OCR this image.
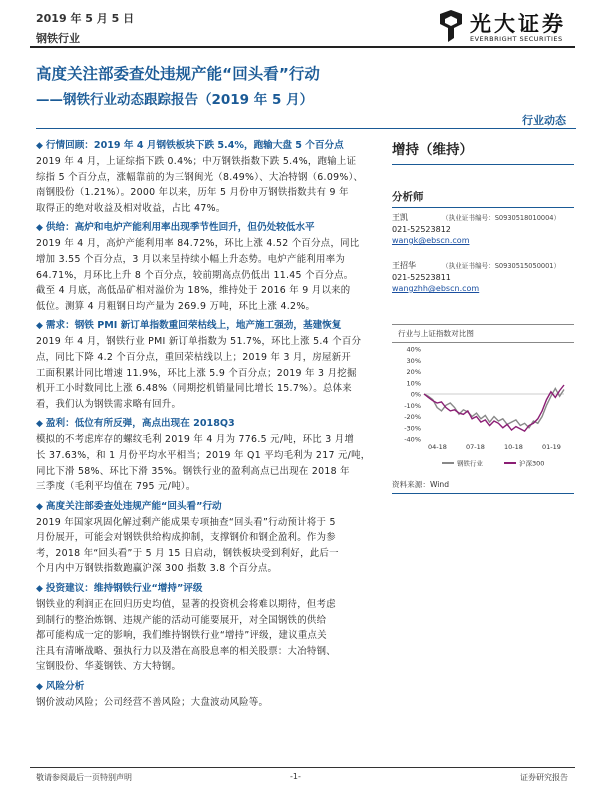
2019 年 5 月 5 日
钢铁行业
光大证券
EVERBRIGHT SECURITIES
高度关注部委查处违规产能“回头看”行动
——钢铁行业动态跟踪报告（2019 年 5 月）
行业动态
◆ 行情回顾：2019 年 4 月钢铁板块下跌 5.4%，跑输大盘 5 个百分点
2019 年 4 月，上证综指下跌 0.4%；中万钢铁指数下跌 5.4%，跑输上证
综指 5 个百分点，涨幅靠前的为三钢闽光（8.49%）、大冶特钢（6.09%）、
南钢股份（1.21%）。2000 年以来，历年 5 月份申万钢铁指数共有 9 年
取得正的绝对收益及相对收益，占比 47%。
◆ 供给：高炉和电炉产能利用率出现季节性回升，但仍处较低水平
2019 年 4 月，高炉产能利用率 84.72%，环比上涨 4.52 个百分点，同比
增加 3.55 个百分点，3 月以来呈持续小幅上升态势。电炉产能利用率为
64.71%，月环比上升 8 个百分点，较前期高点仍低出 11.45 个百分点。
截至 4 月底，高低品矿相对溢价为 18%，维持处于 2016 年 9 月以来的
低位。测算 4 月粗钢日均产量为 269.9 万吨，环比上涨 4.2%。
◆ 需求：钢铁 PMI 新订单指数重回荣枯线上，地产施工强劲，基建恢复
2019 年 4 月，钢铁行业 PMI 新订单指数为 51.7%，环比上涨 5.4 个百分
点，同比下降 4.2 个百分点，重回荣枯线以上；2019 年 3 月，房屋新开
工面积累计同比增速 11.9%，环比上涨 5.9 个百分点；2019 年 3 月挖掘
机开工小时数同比上涨 6.48%（同期挖机销量同比增长 15.7%）。总体来
看，我们认为钢铁需求略有回升。
◆ 盈利：低位有所反弹，高点出现在 2018Q3
模拟的不考虑库存的螺纹毛利 2019 年 4 月为 776.5 元/吨，环比 3 月增
长 37.63%，和 1 月份平均水平相当；2019 年 Q1 平均毛利为 217 元/吨，
同比下滑 58%、环比下滑 35%。钢铁行业的盈利高点已出现在 2018 年
三季度（毛利平均值在 795 元/吨）。
◆ 高度关注部委查处违规产能“回头看”行动
2019 年国家巩固化解过剩产能成果专项抽查“回头看”行动预计将于 5
月份展开，可能会对钢铁供给构成抑制，支撑钢价和钢企盈利。作为参
考，2018 年“回头看”于 5 月 15 日启动，钢铁板块受到利好，此后一
个月内中万钢铁指数跑赢沪深 300 指数 3.8 个百分点。
◆ 投资建议：维持钢铁行业“增持”评级
钢铁业的利润正在回归历史均值，显著的投资机会将难以期待，但考虑
到制行的整治炼钢、违规产能的活动可能要展开，对全国钢铁的供给
都可能构成一定的影响，我们维持钢铁行业“增持”评级，建议重点关
注具有清晰战略、强执行力以及潜在高股息率的相关股票：大冶特钢、
宝钢股份、华菱钢铁、方大特钢。
◆ 风险分析
钢价波动风险；公司经营不善风险；大盘波动风险等。
增持（维持）
分析师
王凯	（执业证书编号：S0930518010004）
021-52523812
wangk@ebscn.com
王招华	（执业证书编号：S0930515050001）
021-52523811
wangzhh@ebscn.com
行业与上证指数对比图
40%
30%
20%
10%
0%
-10%
-20%
-30%
-40%
04-18	07-18	10-18	01-19
钢铁行业	沪深300
资料来源：Wind
敬请参阅最后一页特别声明	-1-	证券研究报告
